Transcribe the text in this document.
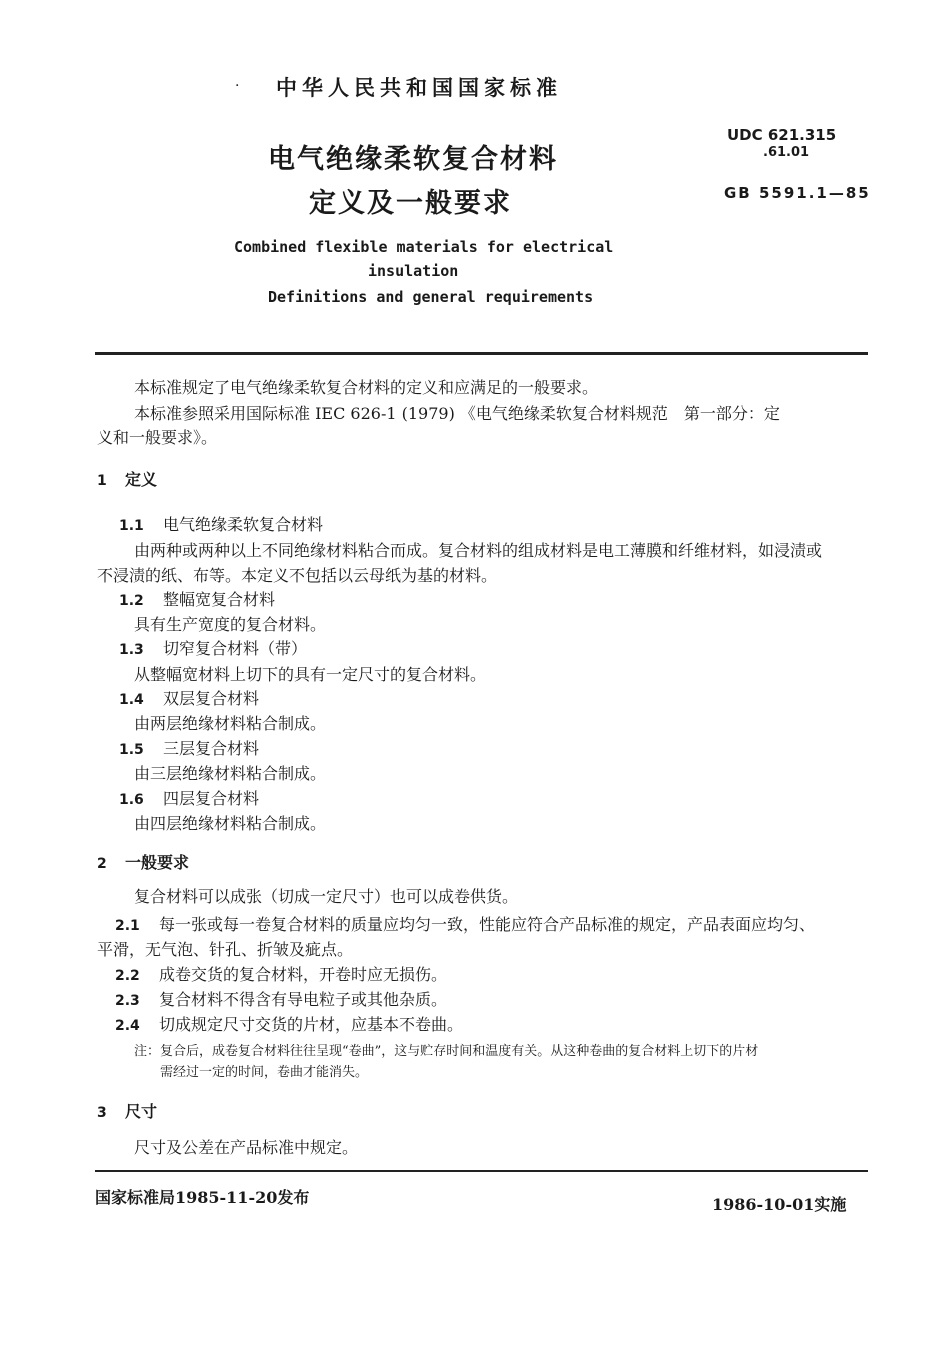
· 中华人民共和国国家标准
电气绝缘柔软复合材料
定义及一般要求
UDC 621.315
.61.01
GB 5591.1—85
Combined flexible materials for electrical
insulation
Definitions and general requirements
本标准规定了电气绝缘柔软复合材料的定义和应满足的一般要求。
本标准参照采用国际标准 IEC 626-1 (1979) 《电气绝缘柔软复合材料规范　第一部分：定
义和一般要求》。
1 定义
1.1 电气绝缘柔软复合材料
由两种或两种以上不同绝缘材料粘合而成。复合材料的组成材料是电工薄膜和纤维材料，如浸渍或
不浸渍的纸、布等。本定义不包括以云母纸为基的材料。
1.2 整幅宽复合材料
具有生产宽度的复合材料。
1.3 切窄复合材料（带）
从整幅宽材料上切下的具有一定尺寸的复合材料。
1.4 双层复合材料
由两层绝缘材料粘合制成。
1.5 三层复合材料
由三层绝缘材料粘合制成。
1.6 四层复合材料
由四层绝缘材料粘合制成。
2 一般要求
复合材料可以成张（切成一定尺寸）也可以成卷供货。
2.1 每一张或每一卷复合材料的质量应均匀一致，性能应符合产品标准的规定，产品表面应均匀、
平滑，无气泡、针孔、折皱及疵点。
2.2 成卷交货的复合材料，开卷时应无损伤。
2.3 复合材料不得含有导电粒子或其他杂质。
2.4 切成规定尺寸交货的片材，应基本不卷曲。
注：复合后，成卷复合材料往往呈现“卷曲”，这与贮存时间和温度有关。从这种卷曲的复合材料上切下的片材
需经过一定的时间，卷曲才能消失。
3 尺寸
尺寸及公差在产品标准中规定。
国家标准局1985-11-20发布	1986-10-01实施
